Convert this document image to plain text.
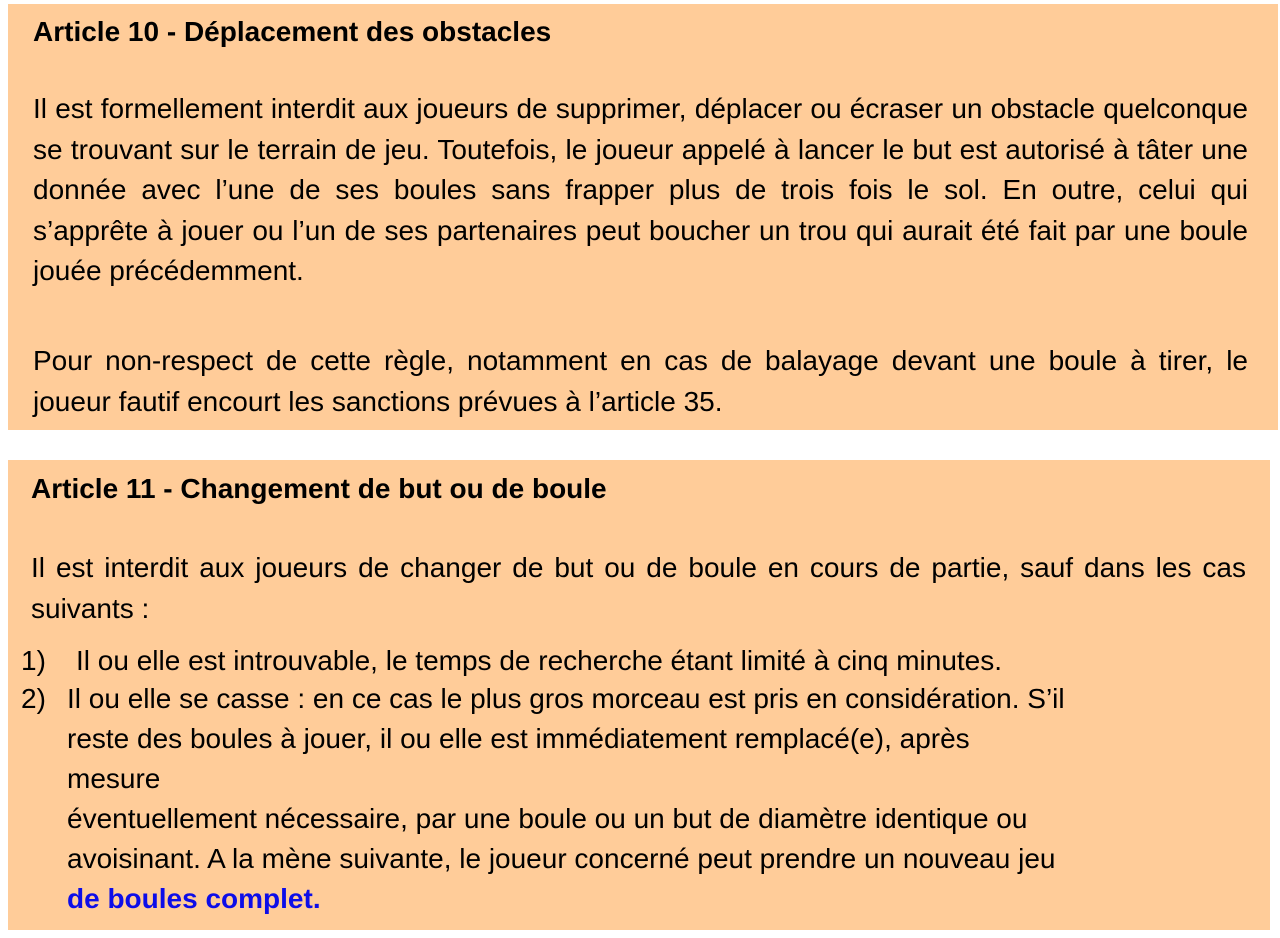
Article 10 - Déplacement des obstacles
Il est formellement interdit aux joueurs de supprimer, déplacer ou écraser un obstacle quelconque se trouvant sur le terrain de jeu. Toutefois, le joueur appelé à lancer le but est autorisé à tâter une donnée avec l’une de ses boules sans frapper plus de trois fois le sol. En outre, celui qui s’apprête à jouer ou l’un de ses partenaires peut boucher un trou qui aurait été fait par une boule jouée précédemment.
Pour non-respect de cette règle, notamment en cas de balayage devant une boule à tirer, le joueur fautif encourt les sanctions prévues à l’article 35.
Article 11 - Changement de but ou de boule
Il est interdit aux joueurs de changer de but ou de boule en cours de partie, sauf dans les cas suivants :
1) Il ou elle est introuvable, le temps de recherche étant limité à cinq minutes.
2) Il ou elle se casse : en ce cas le plus gros morceau est pris en considération. S’il
reste des boules à jouer, il ou elle est immédiatement remplacé(e), après
mesure
éventuellement nécessaire, par une boule ou un but de diamètre identique ou
avoisinant. A la mène suivante, le joueur concerné peut prendre un nouveau jeu
de boules complet.
